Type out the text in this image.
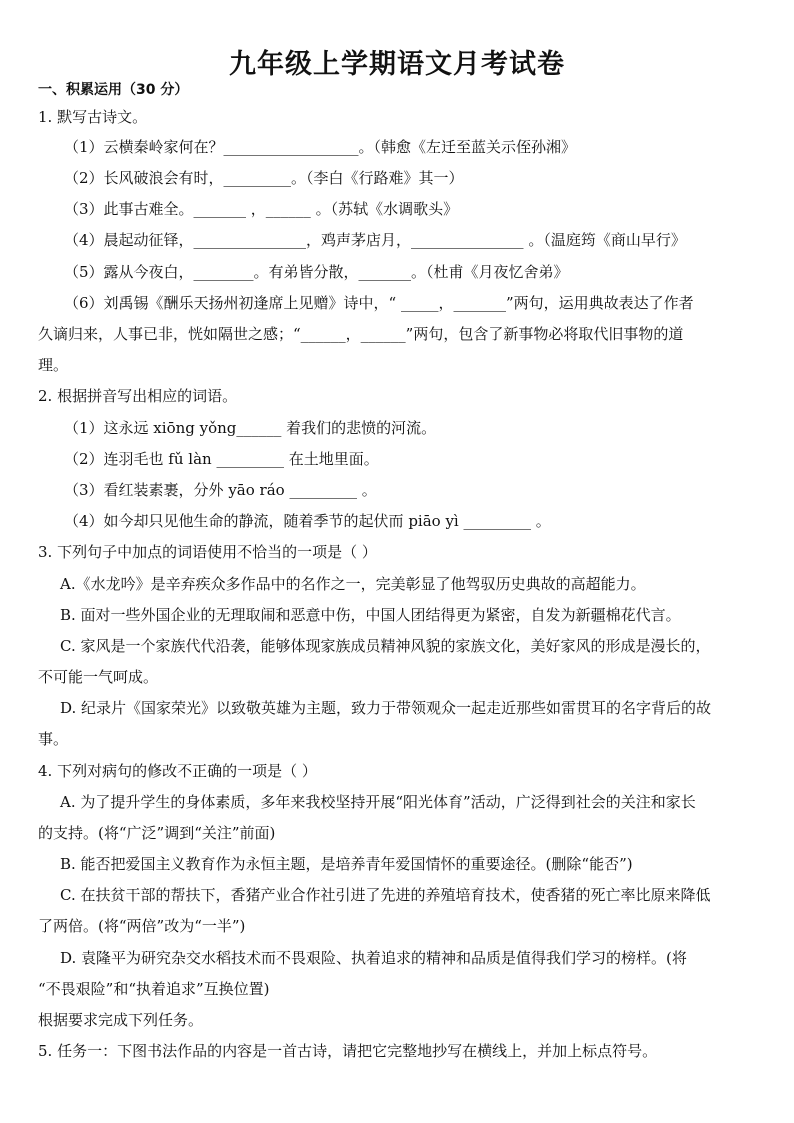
九年级上学期语文月考试卷
一、积累运用（30 分）
1. 默写古诗文。
（1）云横秦岭家何在？__________________。（韩愈《左迁至蓝关示侄孙湘》
（2）长风破浪会有时，_________。（李白《行路难》其一）
（3）此事古难全。_______ ，______ 。（苏轼《水调歌头》
（4）晨起动征铎，_______________，鸡声茅店月，_______________ 。（温庭筠《商山早行》
（5）露从今夜白，________。有弟皆分散，_______。（杜甫《月夜忆舍弟》
（6）刘禹锡《酬乐天扬州初逢席上见赠》诗中，“ _____，_______”两句，运用典故表达了作者
久谪归来，人事已非，恍如隔世之感；“______，______”两句，包含了新事物必将取代旧事物的道
理。
2. 根据拼音写出相应的词语。
（1）这永远 xiōng yǒng______ 着我们的悲愤的河流。
（2）连羽毛也 fǔ làn _________ 在土地里面。
（3）看红装素裹，分外 yāo ráo _________ 。
（4）如今却只见他生命的静流，随着季节的起伏而 piāo yì _________ 。
3. 下列句子中加点的词语使用不恰当的一项是（ ）
A.《水龙吟》是辛弃疾众多作品中的名作之一，完美彰显了他驾驭历史典故的高超能力。
B. 面对一些外国企业的无理取闹和恶意中伤，中国人团结得更为紧密，自发为新疆棉花代言。
C. 家风是一个家族代代沿袭，能够体现家族成员精神风貌的家族文化，美好家风的形成是漫长的，
不可能一气呵成。
D. 纪录片《国家荣光》以致敬英雄为主题，致力于带领观众一起走近那些如雷贯耳的名字背后的故
事。
4. 下列对病句的修改不正确的一项是（ ）
A. 为了提升学生的身体素质，多年来我校坚持开展“阳光体育”活动，广泛得到社会的关注和家长
的支持。(将“广泛”调到“关注”前面)
B. 能否把爱国主义教育作为永恒主题，是培养青年爱国情怀的重要途径。(删除“能否”)
C. 在扶贫干部的帮扶下，香猪产业合作社引进了先进的养殖培育技术，使香猪的死亡率比原来降低
了两倍。(将“两倍”改为“一半”)
D. 袁隆平为研究杂交水稻技术而不畏艰险、执着追求的精神和品质是值得我们学习的榜样。(将
“不畏艰险”和“执着追求”互换位置)
根据要求完成下列任务。
5. 任务一：下图书法作品的内容是一首古诗，请把它完整地抄写在横线上，并加上标点符号。
